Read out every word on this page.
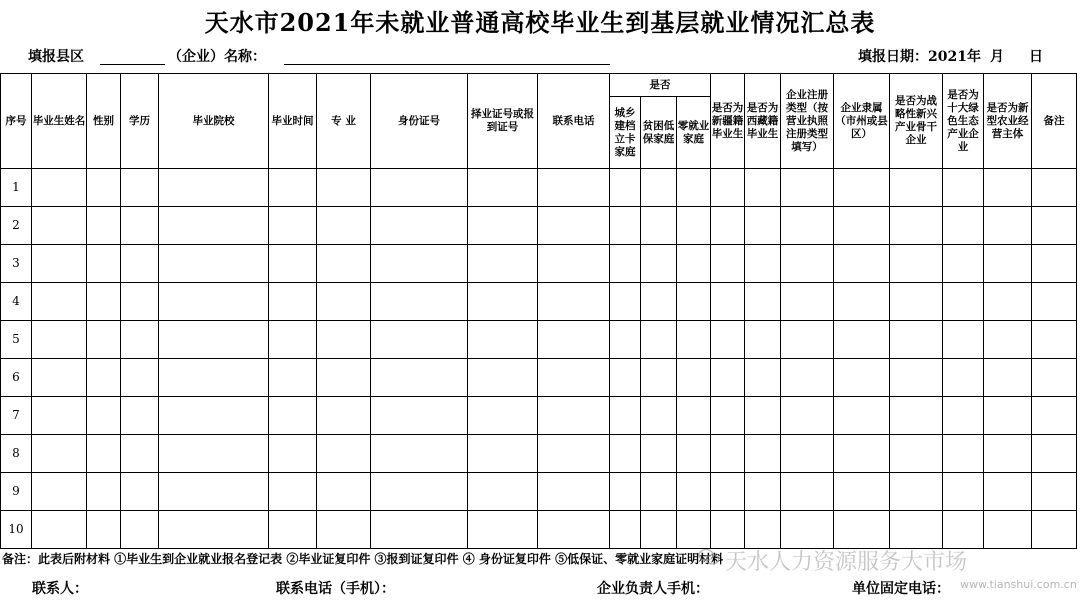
天水市2021年未就业普通高校毕业生到基层就业情况汇总表
填报县区	（企业）名称：	填报日期：2021年 月 日
序号	毕业生姓名	性别	学历	毕业院校	毕业时间	专 业	身份证号	择业证号或报到证号	联系电话	是否			是否为新疆籍毕业生	是否为西藏籍毕业生	企业注册类型（按营业执照注册类型填写）	企业隶属（市州或县区）	是否为战略性新兴产业骨干企业	是否为十大绿色生态产业企业	是否为新型农业经营主体	备注
										城乡建档立卡家庭	贫困低保家庭	零就业家庭								
1																				
2																				
3																				
4																				
5																				
6																				
7																				
8																				
9																				
10																				
备注：此表后附材料 ①毕业生到企业就业报名登记表 ②毕业证复印件 ③报到证复印件 ④ 身份证复印件 ⑤低保证、零就业家庭证明材料
联系人：	联系电话（手机）：	企业负责人手机：	单位固定电话：
天水人力资源服务大市场
www.tianshui.com.cn
